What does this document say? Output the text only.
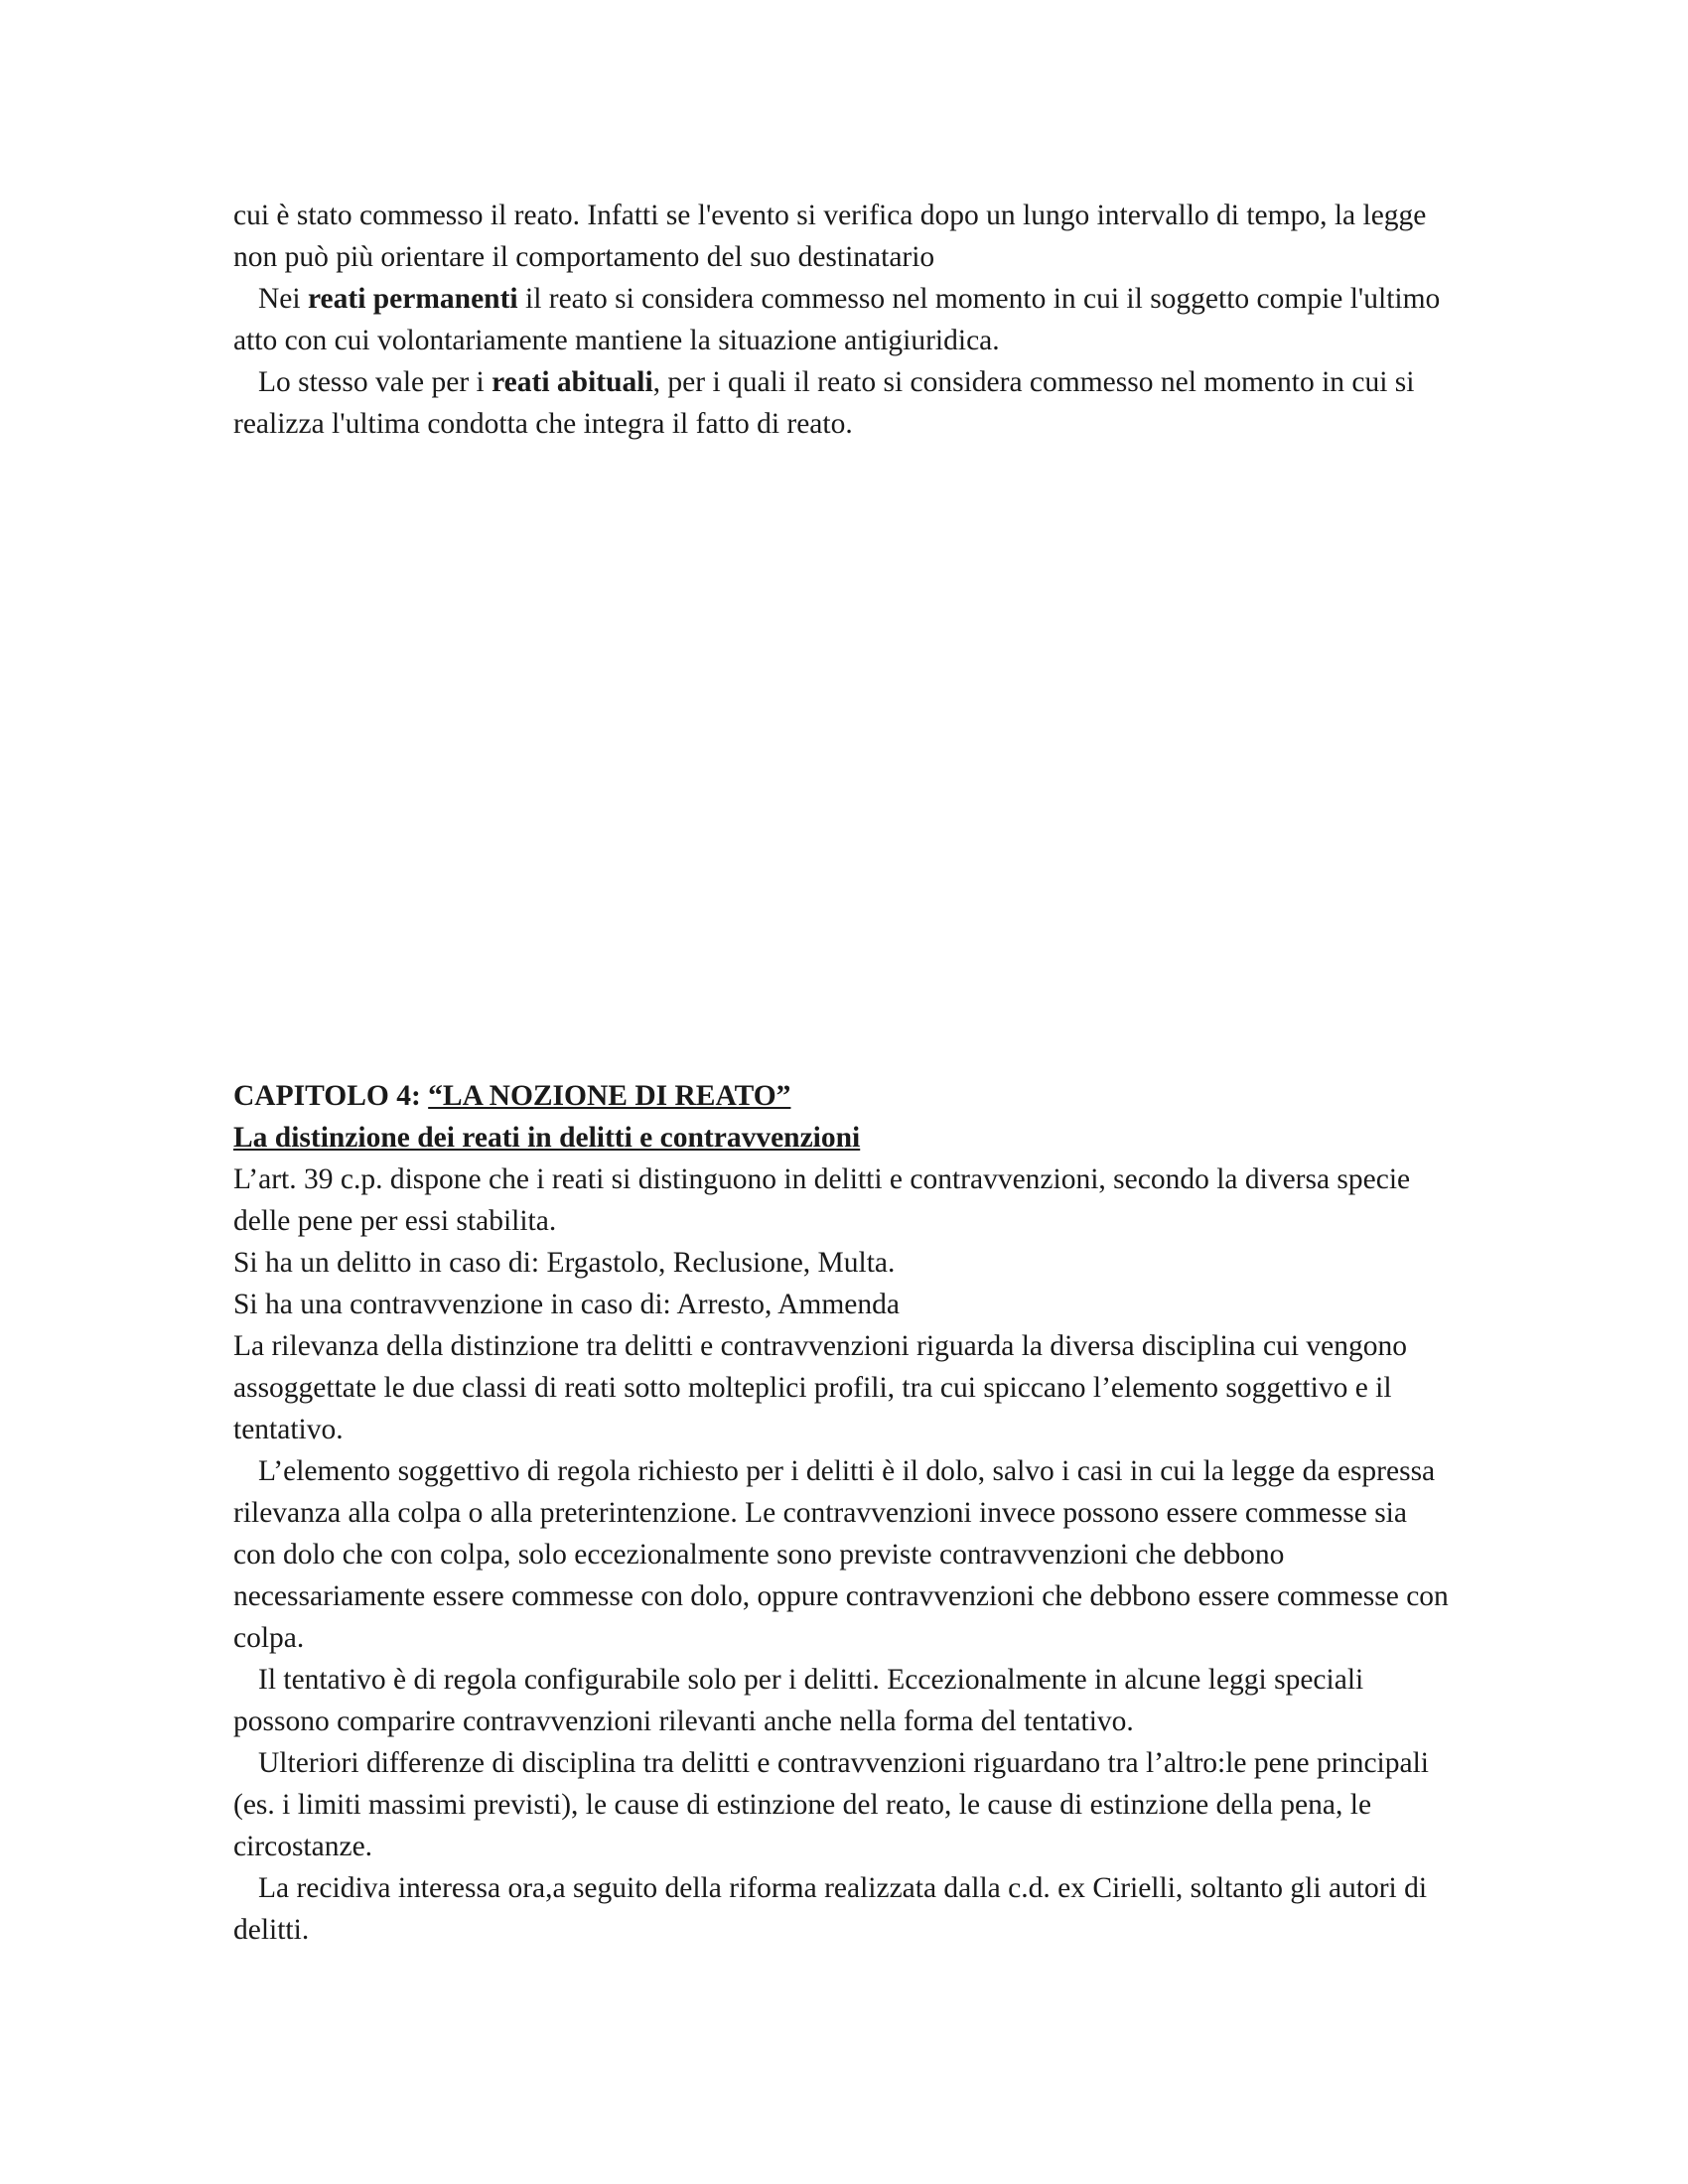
cui è stato commesso il reato. Infatti se l'evento si verifica dopo un lungo intervallo di tempo, la legge non può più orientare il comportamento del suo destinatario

Nei reati permanenti il reato si considera commesso nel momento in cui il soggetto compie l'ultimo atto con cui volontariamente mantiene la situazione antigiuridica.

Lo stesso vale per i reati abituali, per i quali il reato si considera commesso nel momento in cui si realizza l'ultima condotta che integra il fatto di reato.

CAPITOLO 4: “LA NOZIONE DI REATO”

La distinzione dei reati in delitti e contravvenzioni

L’art. 39 c.p. dispone che i reati si distinguono in delitti e contravvenzioni, secondo la diversa specie delle pene per essi stabilita.

Si ha un delitto in caso di: Ergastolo, Reclusione, Multa.

Si ha una contravvenzione in caso di: Arresto, Ammenda

La rilevanza della distinzione tra delitti e contravvenzioni riguarda la diversa disciplina cui vengono assoggettate le due classi di reati sotto molteplici profili, tra cui spiccano l’elemento soggettivo e il tentativo.

L’elemento soggettivo di regola richiesto per i delitti è il dolo, salvo i casi in cui la legge da espressa rilevanza alla colpa o alla preterintenzione. Le contravvenzioni invece possono essere commesse sia con dolo che con colpa, solo eccezionalmente sono previste contravvenzioni che debbono necessariamente essere commesse con dolo, oppure contravvenzioni che debbono essere commesse con colpa.

Il tentativo è di regola configurabile solo per i delitti. Eccezionalmente in alcune leggi speciali possono comparire contravvenzioni rilevanti anche nella forma del tentativo.

Ulteriori differenze di disciplina tra delitti e contravvenzioni riguardano tra l’altro:le pene principali (es. i limiti massimi previsti), le cause di estinzione del reato, le cause di estinzione della pena, le circostanze.

La recidiva interessa ora,a seguito della riforma realizzata dalla c.d. ex Cirielli, soltanto gli autori di delitti.
